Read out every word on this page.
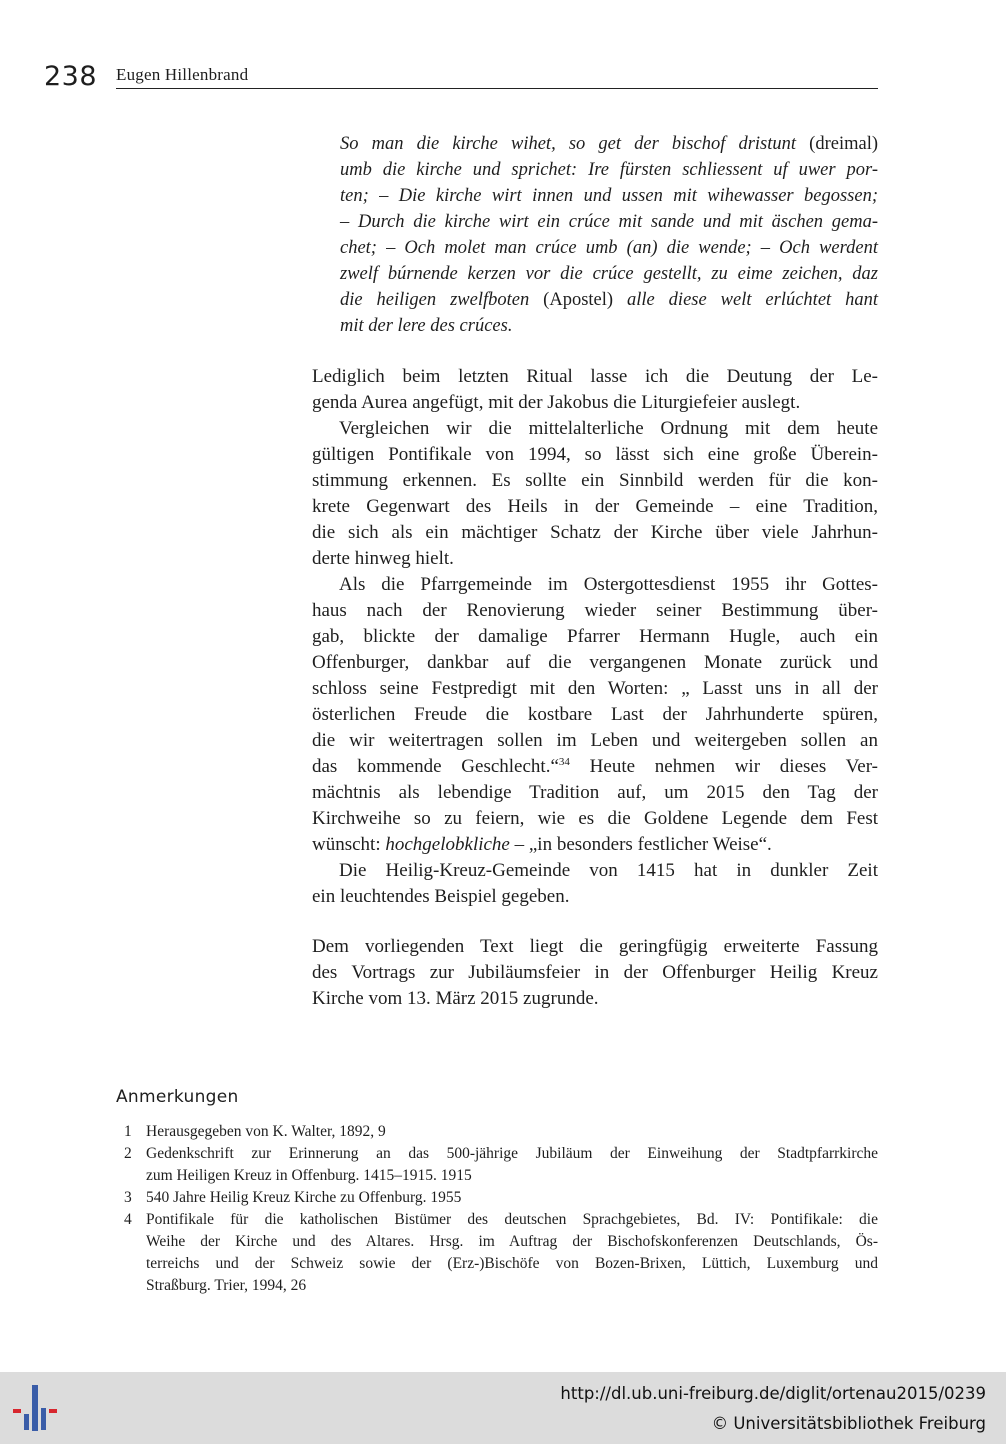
238 Eugen Hillenbrand
So man die kirche wihet, so get der bischof dristunt (dreimal)
umb die kirche und sprichet: Ire fürsten schliessent uf uwer por-
ten; – Die kirche wirt innen und ussen mit wihewasser begossen;
– Durch die kirche wirt ein crúce mit sande und mit äschen gema-
chet; – Och molet man crúce umb (an) die wende; – Och werdent
zwelf búrnende kerzen vor die crúce gestellt, zu eime zeichen, daz
die heiligen zwelfboten (Apostel) alle diese welt erlúchtet hant
mit der lere des crúces.
Lediglich beim letzten Ritual lasse ich die Deutung der Le-
genda Aurea angefügt, mit der Jakobus die Liturgiefeier auslegt.
Vergleichen wir die mittelalterliche Ordnung mit dem heute
gültigen Pontifikale von 1994, so lässt sich eine große Überein-
stimmung erkennen. Es sollte ein Sinnbild werden für die kon-
krete Gegenwart des Heils in der Gemeinde – eine Tradition,
die sich als ein mächtiger Schatz der Kirche über viele Jahrhun-
derte hinweg hielt.
Als die Pfarrgemeinde im Ostergottesdienst 1955 ihr Gottes-
haus nach der Renovierung wieder seiner Bestimmung über-
gab, blickte der damalige Pfarrer Hermann Hugle, auch ein
Offenburger, dankbar auf die vergangenen Monate zurück und
schloss seine Festpredigt mit den Worten: „ Lasst uns in all der
österlichen Freude die kostbare Last der Jahrhunderte spüren,
die wir weitertragen sollen im Leben und weitergeben sollen an
das kommende Geschlecht.“$^{34}$ Heute nehmen wir dieses Ver-
mächtnis als lebendige Tradition auf, um 2015 den Tag der
Kirchweihe so zu feiern, wie es die Goldene Legende dem Fest
wünscht: hochgelobkliche – „in besonders festlicher Weise“.
Die Heilig-Kreuz-Gemeinde von 1415 hat in dunkler Zeit
ein leuchtendes Beispiel gegeben.
Dem vorliegenden Text liegt die geringfügig erweiterte Fassung
des Vortrags zur Jubiläumsfeier in der Offenburger Heilig Kreuz
Kirche vom 13. März 2015 zugrunde.
Anmerkungen
1 Herausgegeben von K. Walter, 1892, 9
2 Gedenkschrift zur Erinnerung an das 500-jährige Jubiläum der Einweihung der Stadtpfarrkirche
zum Heiligen Kreuz in Offenburg. 1415–1915. 1915
3 540 Jahre Heilig Kreuz Kirche zu Offenburg. 1955
4 Pontifikale für die katholischen Bistümer des deutschen Sprachgebietes, Bd. IV: Pontifikale: die
Weihe der Kirche und des Altares. Hrsg. im Auftrag der Bischofskonferenzen Deutschlands, Ös-
terreichs und der Schweiz sowie der (Erz-)Bischöfe von Bozen-Brixen, Lüttich, Luxemburg und
Straßburg. Trier, 1994, 26
http://dl.ub.uni-freiburg.de/diglit/ortenau2015/0239
© Universitätsbibliothek Freiburg
